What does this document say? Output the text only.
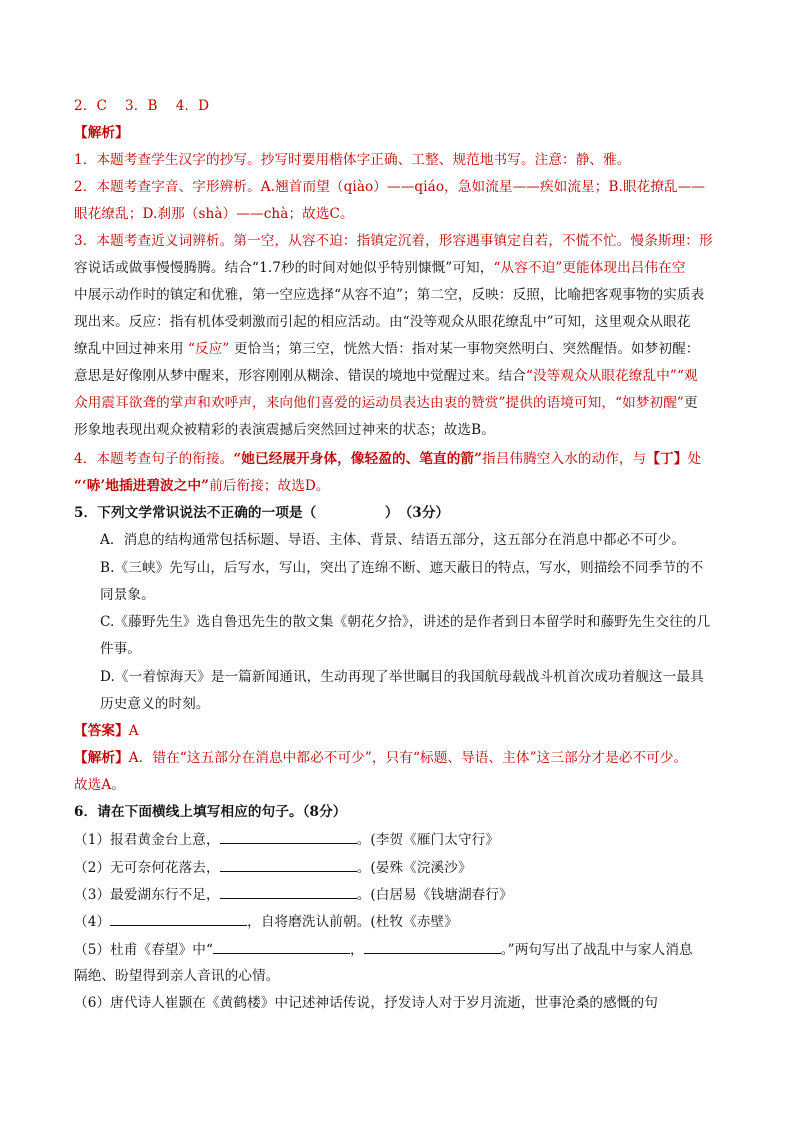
2．C　 3．B　 4．D
【解析】
1．本题考查学生汉字的抄写。抄写时要用楷体字正确、工整、规范地书写。注意：静、雅。
2．本题考查字音、字形辨析。A.翘首而望（qiào）——qiáo，急如流星——疾如流星；B.眼花撩乱——
眼花缭乱；D.刹那（shà）——chà；故选C。
3．本题考查近义词辨析。第一空，从容不迫：指镇定沉着，形容遇事镇定自若，不慌不忙。慢条斯理：形
容说话或做事慢慢腾腾。结合“1.7秒的时间对她似乎特别慷慨”可知，“从容不迫”更能体现出吕伟在空
中展示动作时的镇定和优雅，第一空应选择“从容不迫”；第二空，反映：反照，比喻把客观事物的实质表
现出来。反应：指有机体受刺激而引起的相应活动。由“没等观众从眼花缭乱中”可知，这里观众从眼花
缭乱中回过神来用 “反应” 更恰当；第三空，恍然大悟：指对某一事物突然明白、突然醒悟。如梦初醒：
意思是好像刚从梦中醒来，形容刚刚从糊涂、错误的境地中觉醒过来。结合“没等观众从眼花缭乱中”“观
众用震耳欲聋的掌声和欢呼声，来向他们喜爱的运动员表达由衷的赞赏”提供的语境可知，“如梦初醒”更
形象地表现出观众被精彩的表演震撼后突然回过神来的状态；故选B。
4．本题考查句子的衔接。“她已经展开身体，像轻盈的、笔直的箭”指吕伟腾空入水的动作，与【丁】处
“‘哧’地插进碧波之中”前后衔接；故选D。
5．下列文学常识说法不正确的一项是（　　　　　）　（3分）
A．消息的结构通常包括标题、导语、主体、背景、结语五部分，这五部分在消息中都必不可少。
B.《三峡》先写山，后写水，写山，突出了连绵不断、遮天蔽日的特点，写水，则描绘不同季节的不
同景象。
C.《藤野先生》选自鲁迅先生的散文集《朝花夕拾》，讲述的是作者到日本留学时和藤野先生交往的几
件事。
D.《一着惊海天》是一篇新闻通讯，生动再现了举世瞩目的我国航母载战斗机首次成功着舰这一最具
历史意义的时刻。
【答案】A
【解析】A．错在“这五部分在消息中都必不可少”，只有“标题、导语、主体”这三部分才是必不可少。
故选A。
6．请在下面横线上填写相应的句子。（8分）
（1）报君黄金台上意，	。(李贺《雁门太守行》
（2）无可奈何花落去，	。(晏殊《浣溪沙》
（3）最爱湖东行不足，	。(白居易《钱塘湖春行》
（4）	，自将磨洗认前朝。(杜牧《赤壁》
（5）杜甫《春望》中“	，	。”两句写出了战乱中与家人消息
隔绝、盼望得到亲人音讯的心情。
（6）唐代诗人崔颢在《黄鹤楼》中记述神话传说，抒发诗人对于岁月流逝，世事沧桑的感慨的句
